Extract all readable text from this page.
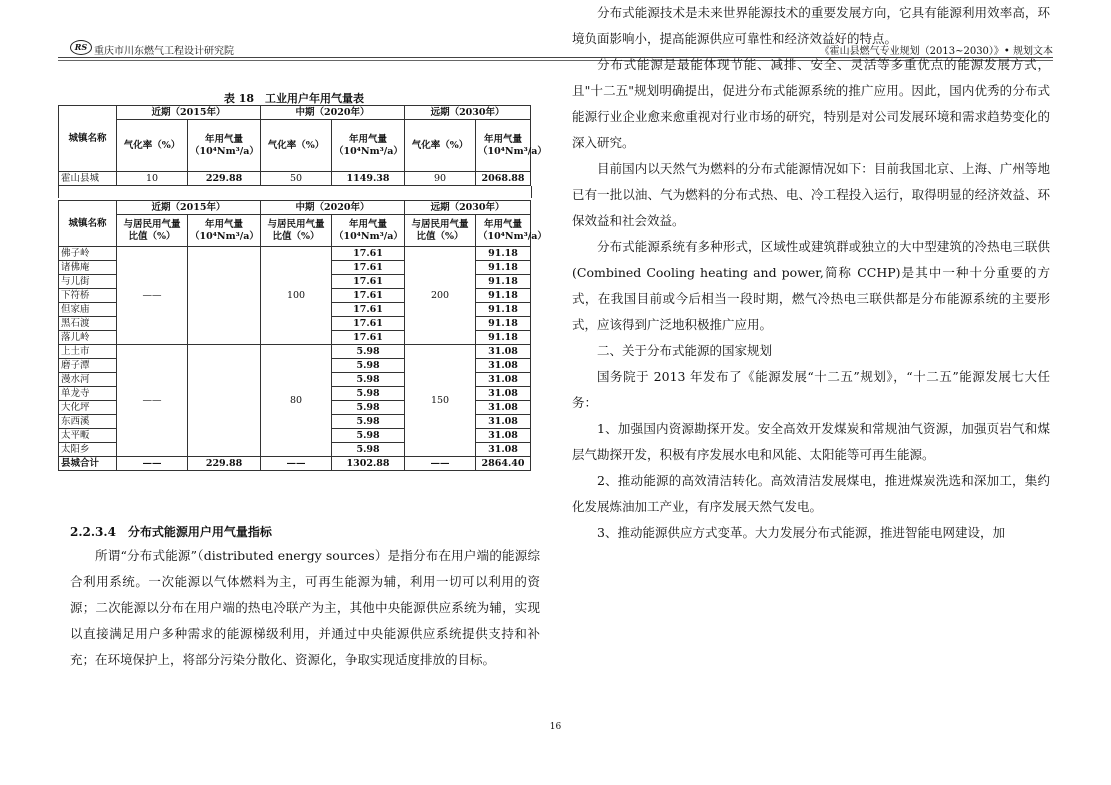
RS 重庆市川东燃气工程设计研究院	《霍山县燃气专业规划（2013~2030）》• 规划文本
表 18　工业用户年用气量表
城镇名称	近期（2015年）		中期（2020年）		远期（2030年）	
	气化率（%）	年用气量（10⁴Nm³/a）	气化率（%）	年用气量（10⁴Nm³/a）	气化率（%）	年用气量（10⁴Nm³/a）
霍山县城	10	229.88	50	1149.38	90	2068.88
城镇名称	近期（2015年）		中期（2020年）		远期（2030年）	
	与居民用气量比值（%）	年用气量（10⁴Nm³/a）	与居民用气量比值（%）	年用气量（10⁴Nm³/a）	与居民用气量比值（%）	年用气量（10⁴Nm³/a）
佛子岭	——		100	17.61	200	91.18
诸佛庵				17.61		91.18
与儿街				17.61		91.18
下符桥				17.61		91.18
但家庙				17.61		91.18
黑石渡				17.61		91.18
落儿岭				17.61		91.18
上土市	——		80	5.98	150	31.08
磨子潭				5.98		31.08
漫水河				5.98		31.08
单龙寺				5.98		31.08
大化坪				5.98		31.08
东西溪				5.98		31.08
太平畈				5.98		31.08
太阳乡				5.98		31.08
县城合计	——	229.88	——	1302.88	——	2864.40
2.2.3.4　分布式能源用户用气量指标
所谓“分布式能源”（distributed energy sources）是指分布在用户端的能源综合利用系统。一次能源以气体燃料为主，可再生能源为辅，利用一切可以利用的资源；二次能源以分布在用户端的热电冷联产为主，其他中央能源供应系统为辅，实现以直接满足用户多种需求的能源梯级利用，并通过中央能源供应系统提供支持和补充；在环境保护上，将部分污染分散化、资源化，争取实现适度排放的目标。
分布式能源技术是未来世界能源技术的重要发展方向，它具有能源利用效率高，环境负面影响小，提高能源供应可靠性和经济效益好的特点。
分布式能源是最能体现节能、减排、安全、灵活等多重优点的能源发展方式，且"十二五"规划明确提出，促进分布式能源系统的推广应用。因此，国内优秀的分布式能源行业企业愈来愈重视对行业市场的研究，特别是对公司发展环境和需求趋势变化的深入研究。
目前国内以天然气为燃料的分布式能源情况如下：目前我国北京、上海、广州等地已有一批以油、气为燃料的分布式热、电、冷工程投入运行，取得明显的经济效益、环保效益和社会效益。
分布式能源系统有多种形式，区域性或建筑群或独立的大中型建筑的冷热电三联供(Combined Cooling heating and power,简称 CCHP)是其中一种十分重要的方式，在我国目前或今后相当一段时期，燃气冷热电三联供都是分布能源系统的主要形式，应该得到广泛地积极推广应用。
二、关于分布式能源的国家规划
国务院于 2013 年发布了《能源发展“十二五”规划》，“十二五”能源发展七大任务：
1、加强国内资源勘探开发。安全高效开发煤炭和常规油气资源，加强页岩气和煤层气勘探开发，积极有序发展水电和风能、太阳能等可再生能源。
2、推动能源的高效清洁转化。高效清洁发展煤电，推进煤炭洗选和深加工，集约化发展炼油加工产业，有序发展天然气发电。
3、推动能源供应方式变革。大力发展分布式能源，推进智能电网建设，加
16
